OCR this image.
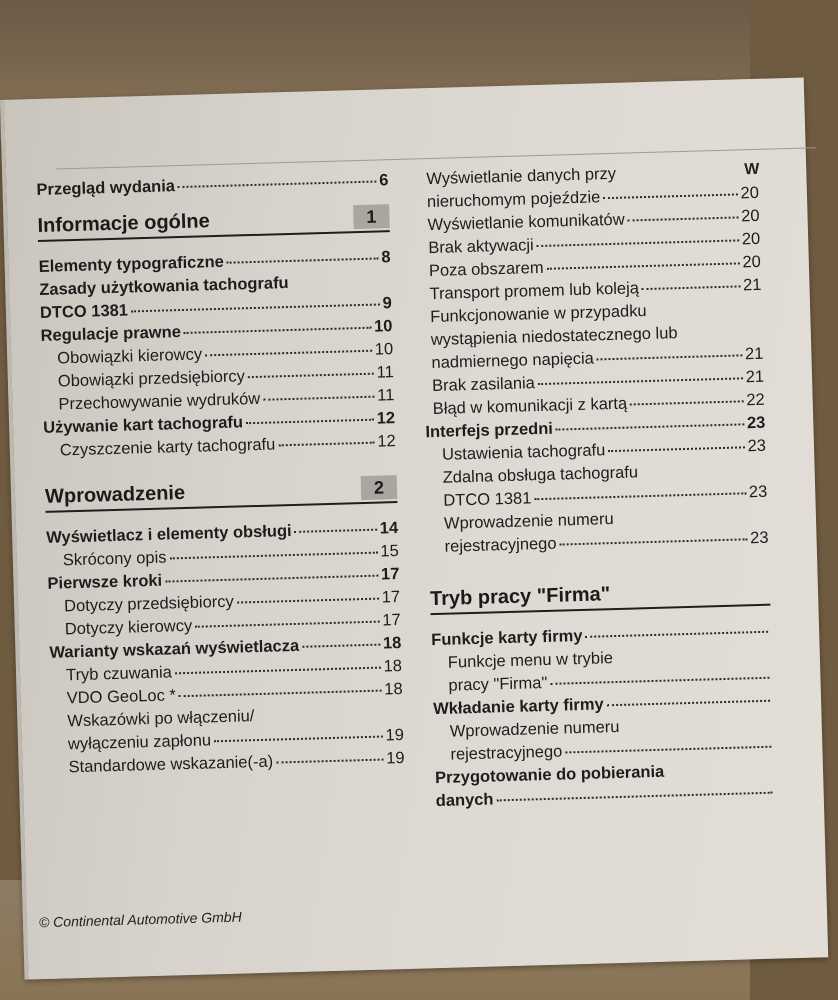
Przegląd wydania	6
Informacje ogólne	1
Elementy typograficzne	8
Zasady użytkowania tachografu
DTCO 1381	9
Regulacje prawne	10
Obowiązki kierowcy	10
Obowiązki przedsiębiorcy	11
Przechowywanie wydruków	11
Używanie kart tachografu	12
Czyszczenie karty tachografu	12
Wprowadzenie	2
Wyświetlacz i elementy obsługi	14
Skrócony opis	15
Pierwsze kroki	17
Dotyczy przedsiębiorcy	17
Dotyczy kierowcy	17
Warianty wskazań wyświetlacza	18
Tryb czuwania	18
VDO GeoLoc *	18
Wskazówki po włączeniu/
wyłączeniu zapłonu	19
Standardowe wskazanie(-a)	19
Wyświetlanie danych przy
nieruchomym pojeździe	20
Wyświetlanie komunikatów	20
Brak aktywacji	20
Poza obszarem	20
Transport promem lub koleją	21
Funkcjonowanie w przypadku
wystąpienia niedostatecznego lub
nadmiernego napięcia	21
Brak zasilania	21
Błąd w komunikacji z kartą	22
Interfejs przedni	23
Ustawienia tachografu	23
Zdalna obsługa tachografu
DTCO 1381	23
Wprowadzenie numeru
rejestracyjnego	23
Tryb pracy "Firma"
Funkcje karty firmy
Funkcje menu w trybie
pracy "Firma"
Wkładanie karty firmy
Wprowadzenie numeru
rejestracyjnego
Przygotowanie do pobierania
danych
W
© Continental Automotive GmbH
